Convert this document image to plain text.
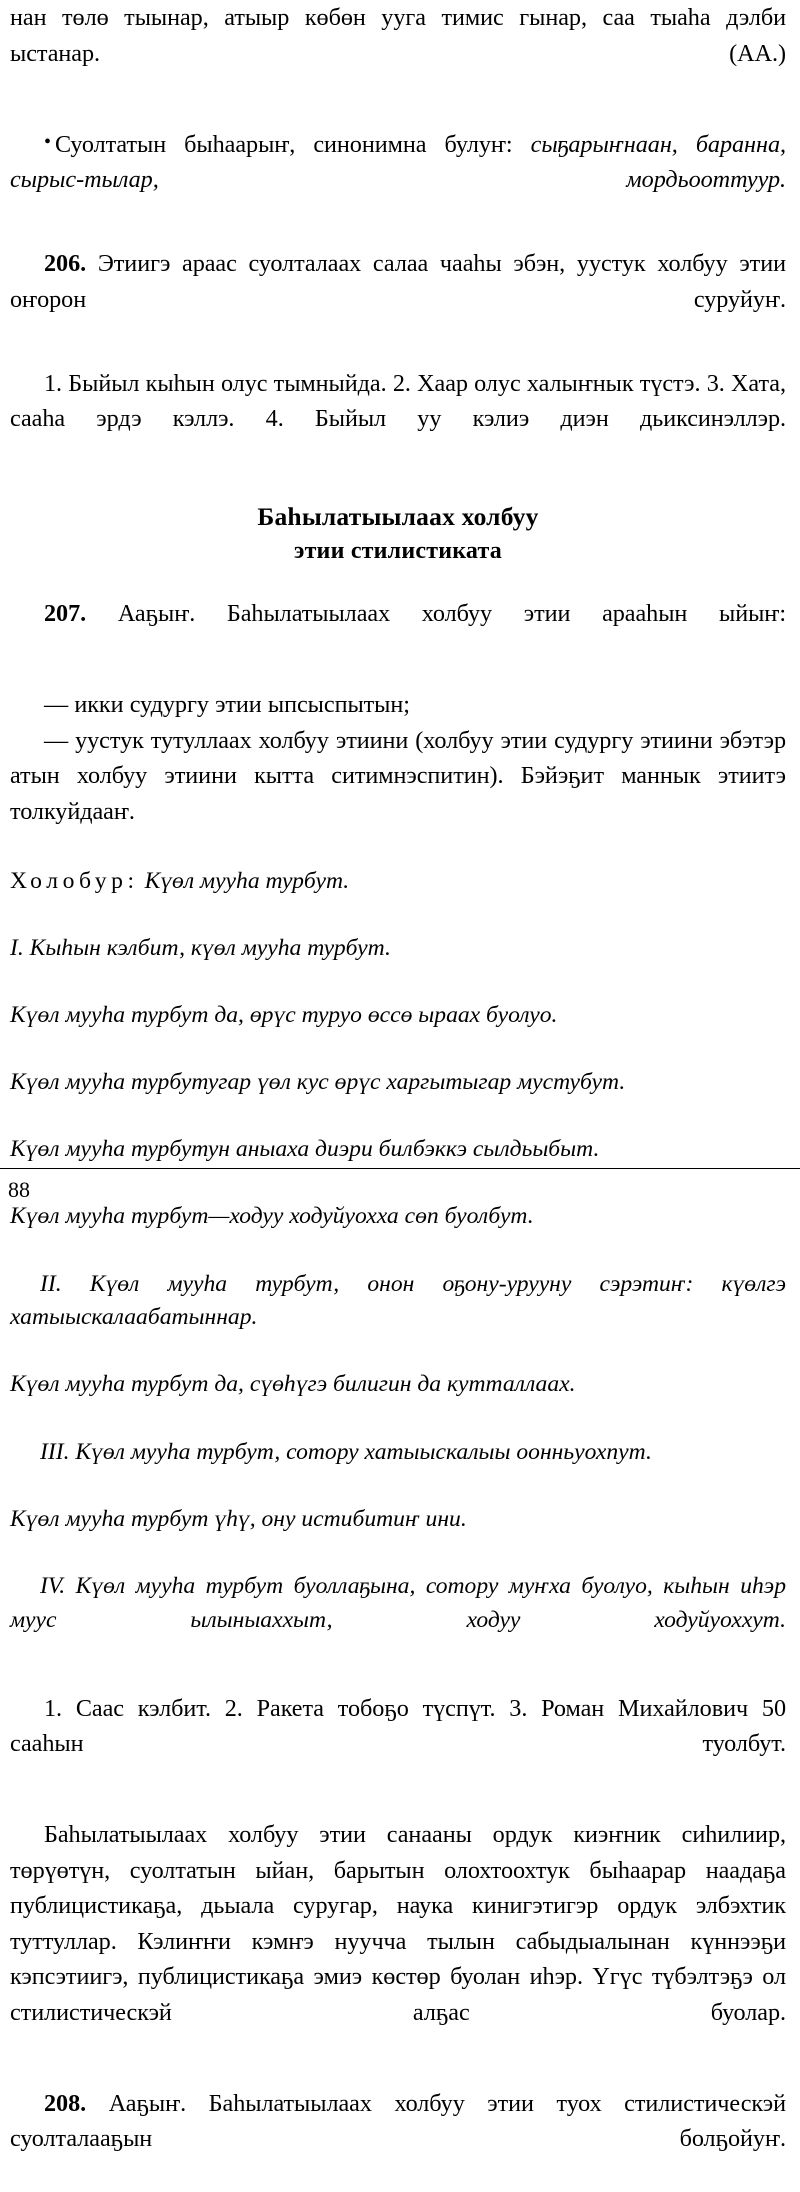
нан төлө тыынар, атыыр көбөн ууга тимис гынар, саа тыаһа дэлби ыстанар. (АА.)

• Суолтатын быһаарыҥ, синонимна булуҥ: сыҕарыҥнаан, баранна, сырыс-тылар, мордьооттуур.

206. Этиигэ араас суолталаах салаа чааһы эбэн, уустук холбуу этии оҥорон суруйуҥ.

1. Быйыл кыһын олус тымныйда. 2. Хаар олус халыҥнык түстэ. 3. Хата, сааһа эрдэ кэллэ. 4. Быйыл уу кэлиэ диэн дьиксинэллэр.

Баһылатыылаах холбуу
этии стилистиката

207. Ааҕыҥ. Баһылатыылаах холбуу этии арааһын ыйыҥ:

— икки судургу этии ыпсыспытын;

— уустук тутуллаах холбуу этиини (холбуу этии судургу этиини эбэтэр атын холбуу этиини кытта ситимнэспитин). Бэйэҕит маннык этиитэ толкуйдааҥ.

Холобур: Күөл мууһа турбут.

I. Кыһын кэлбит, күөл мууһа турбут.

Күөл мууһа турбут да, өрүс туруо өссө ыраах буолуо.

Күөл мууһа турбутугар үөл кус өрүс харгытыгар мустубут.

Күөл мууһа турбутун аныаха диэри билбэккэ сылдьыбыт.

Күөл мууһа турбут—ходуу ходуйуохха сөп буолбут.

II. Күөл мууһа турбут, онон оҕону-урууну сэрэтиҥ: күөлгэ хатыыскалаабатыннар.

Күөл мууһа турбут да, сүөһүгэ билигин да кутталлаах.

III. Күөл мууһа турбут, сотору хатыыскалыы оонньуохпут.

Күөл мууһа турбут үһү, ону истибитиҥ ини.

IV. Күөл мууһа турбут буоллаҕына, сотору муҥха буолуо, кыһын иһэр муус ылыныаххыт, ходуу ходуйуоххут.

1. Саас кэлбит. 2. Ракета тобоҕо түспүт. 3. Роман Михайлович 50 сааһын туолбут.

Баһылатыылаах холбуу этии санааны ордук киэҥник сиһилиир, төрүөтүн, суолтатын ыйан, барытын олохтоохтук быһаарар наадаҕа публицистикаҕа, дьыала суругар, наука кинигэтигэр ордук элбэхтик туттуллар. Кэлиҥҥи кэмҥэ нуучча тылын сабыдыалынан күннээҕи кэпсэтиигэ, публицистикаҕа эмиэ көстөр буолан иһэр. Үгүс түбэлтэҕэ ол стилистическэй алҕас буолар.

208. Ааҕыҥ. Баһылатыылаах холбуу этии туох стилистическэй суолталааҕын болҕойуҥ.

88
